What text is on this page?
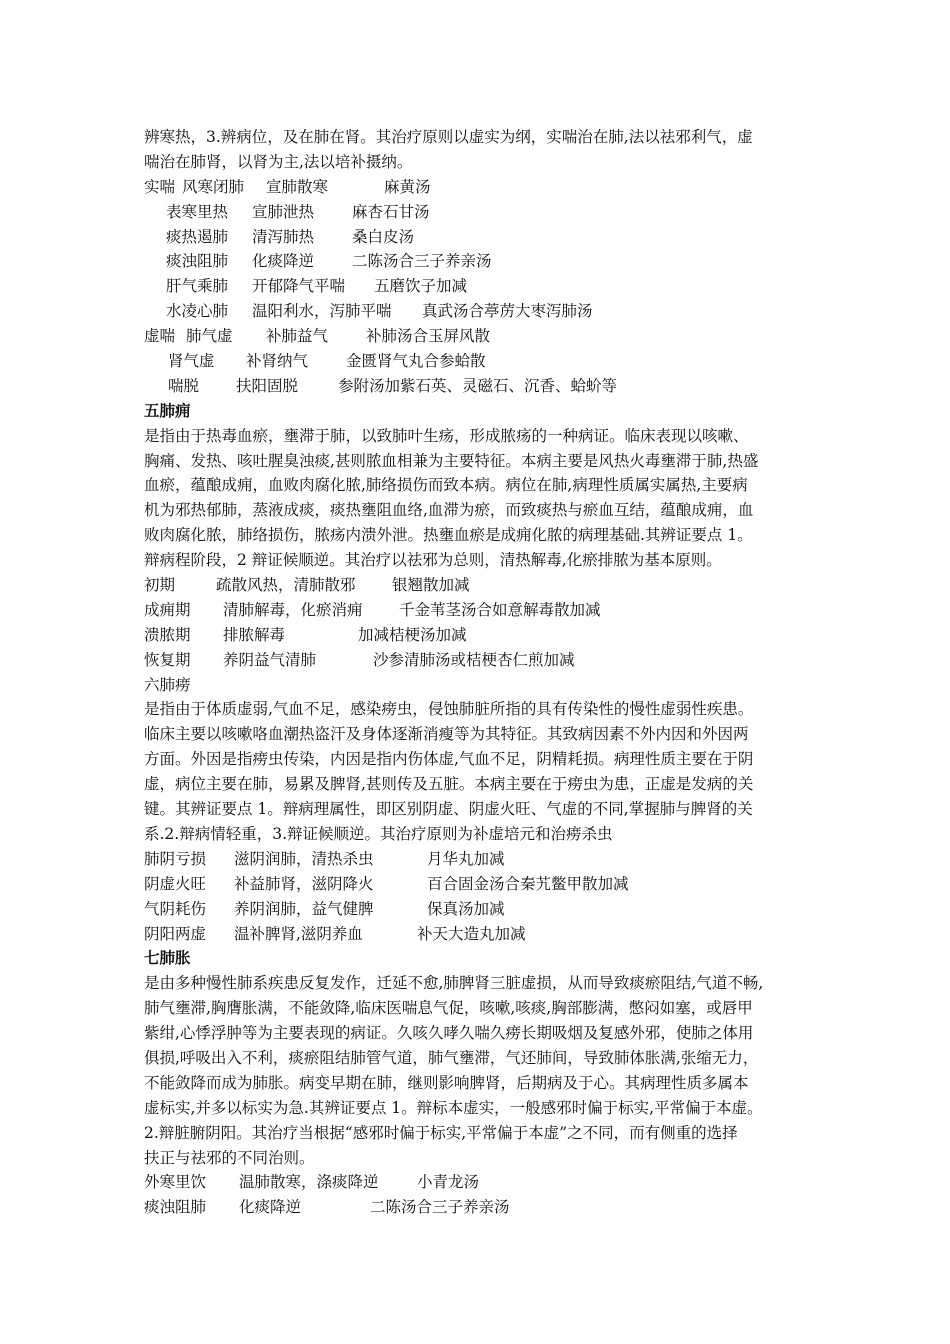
辨寒热，3.辨病位，及在肺在肾。其治疗原则以虚实为纲，实喘治在肺,法以祛邪利气，虚
喘治在肺肾，以肾为主,法以培补摄纳。
实喘 风寒闭肺 宣肺散寒	麻黄汤
表寒里热 宣肺泄热 麻杏石甘汤
痰热遏肺 清泻肺热 桑白皮汤
痰浊阻肺 化痰降逆 二陈汤合三子养亲汤
肝气乘肺 开郁降气平喘 五磨饮子加减
水凌心肺 温阳利水，泻肺平喘 真武汤合葶苈大枣泻肺汤
虚喘 肺气虚 补肺益气 补肺汤合玉屏风散
肾气虚 补肾纳气 金匮肾气丸合参蛤散
喘脱 扶阳固脱	参附汤加紫石英、灵磁石、沉香、蛤蚧等
五肺痈
是指由于热毒血瘀，壅滞于肺，以致肺叶生疡，形成脓疡的一种病证。临床表现以咳嗽、
胸痛、发热、咳吐腥臭浊痰,甚则脓血相兼为主要特征。本病主要是风热火毒壅滞于肺,热盛
血瘀，蕴酿成痈，血败肉腐化脓,肺络损伤而致本病。病位在肺,病理性质属实属热,主要病
机为邪热郁肺，蒸液成痰，痰热壅阻血络,血滞为瘀，而致痰热与瘀血互结，蕴酿成痈，血
败肉腐化脓，肺络损伤，脓疡内溃外泄。热壅血瘀是成痈化脓的病理基础.其辨证要点 1。
辩病程阶段，2 辩证候顺逆。其治疗以祛邪为总则，清热解毒,化瘀排脓为基本原则。
初期	疏散风热，清肺散邪 银翘散加减
成痈期 清肺解毒，化瘀消痈 千金苇茎汤合如意解毒散加减
溃脓期 排脓解毒	加减桔梗汤加减
恢复期 养阴益气清肺	沙参清肺汤或桔梗杏仁煎加减
六肺痨
是指由于体质虚弱,气血不足，感染痨虫，侵蚀肺脏所指的具有传染性的慢性虚弱性疾患。
临床主要以咳嗽咯血潮热盗汗及身体逐渐消瘦等为其特征。其致病因素不外内因和外因两
方面。外因是指痨虫传染，内因是指内伤体虚,气血不足，阴精耗损。病理性质主要在于阴
虚，病位主要在肺，易累及脾肾,甚则传及五脏。本病主要在于痨虫为患，正虚是发病的关
键。其辨证要点 1。辩病理属性，即区别阴虚、阴虚火旺、气虚的不同,掌握肺与脾肾的关
系.2.辩病情轻重，3.辩证候顺逆。其治疗原则为补虚培元和治痨杀虫
肺阴亏损 滋阴润肺，清热杀虫	月华丸加减
阴虚火旺 补益肺肾，滋阴降火	百合固金汤合秦艽鳖甲散加减
气阴耗伤 养阴润肺，益气健脾	保真汤加减
阴阳两虚 温补脾肾,滋阴养血	补天大造丸加减
七肺胀
是由多种慢性肺系疾患反复发作，迁延不愈,肺脾肾三脏虚损，从而导致痰瘀阻结,气道不畅,
肺气壅滞,胸膺胀满，不能敛降,临床医喘息气促，咳嗽,咳痰,胸部膨满，憋闷如塞，或唇甲
紫绀,心悸浮肿等为主要表现的病证。久咳久哮久喘久痨长期吸烟及复感外邪，使肺之体用
俱损,呼吸出入不利，痰瘀阻结肺管气道，肺气壅滞，气还肺间，导致肺体胀满,张缩无力，
不能敛降而成为肺胀。病变早期在肺，继则影响脾肾，后期病及于心。其病理性质多属本
虚标实,并多以标实为急.其辨证要点 1。辩标本虚实，一般感邪时偏于标实,平常偏于本虚。
2.辩脏腑阴阳。其治疗当根据“感邪时偏于标实,平常偏于本虚”之不同，而有侧重的选择
扶正与祛邪的不同治则。
外寒里饮 温肺散寒，涤痰降逆 小青龙汤
痰浊阻肺 化痰降逆	二陈汤合三子养亲汤
